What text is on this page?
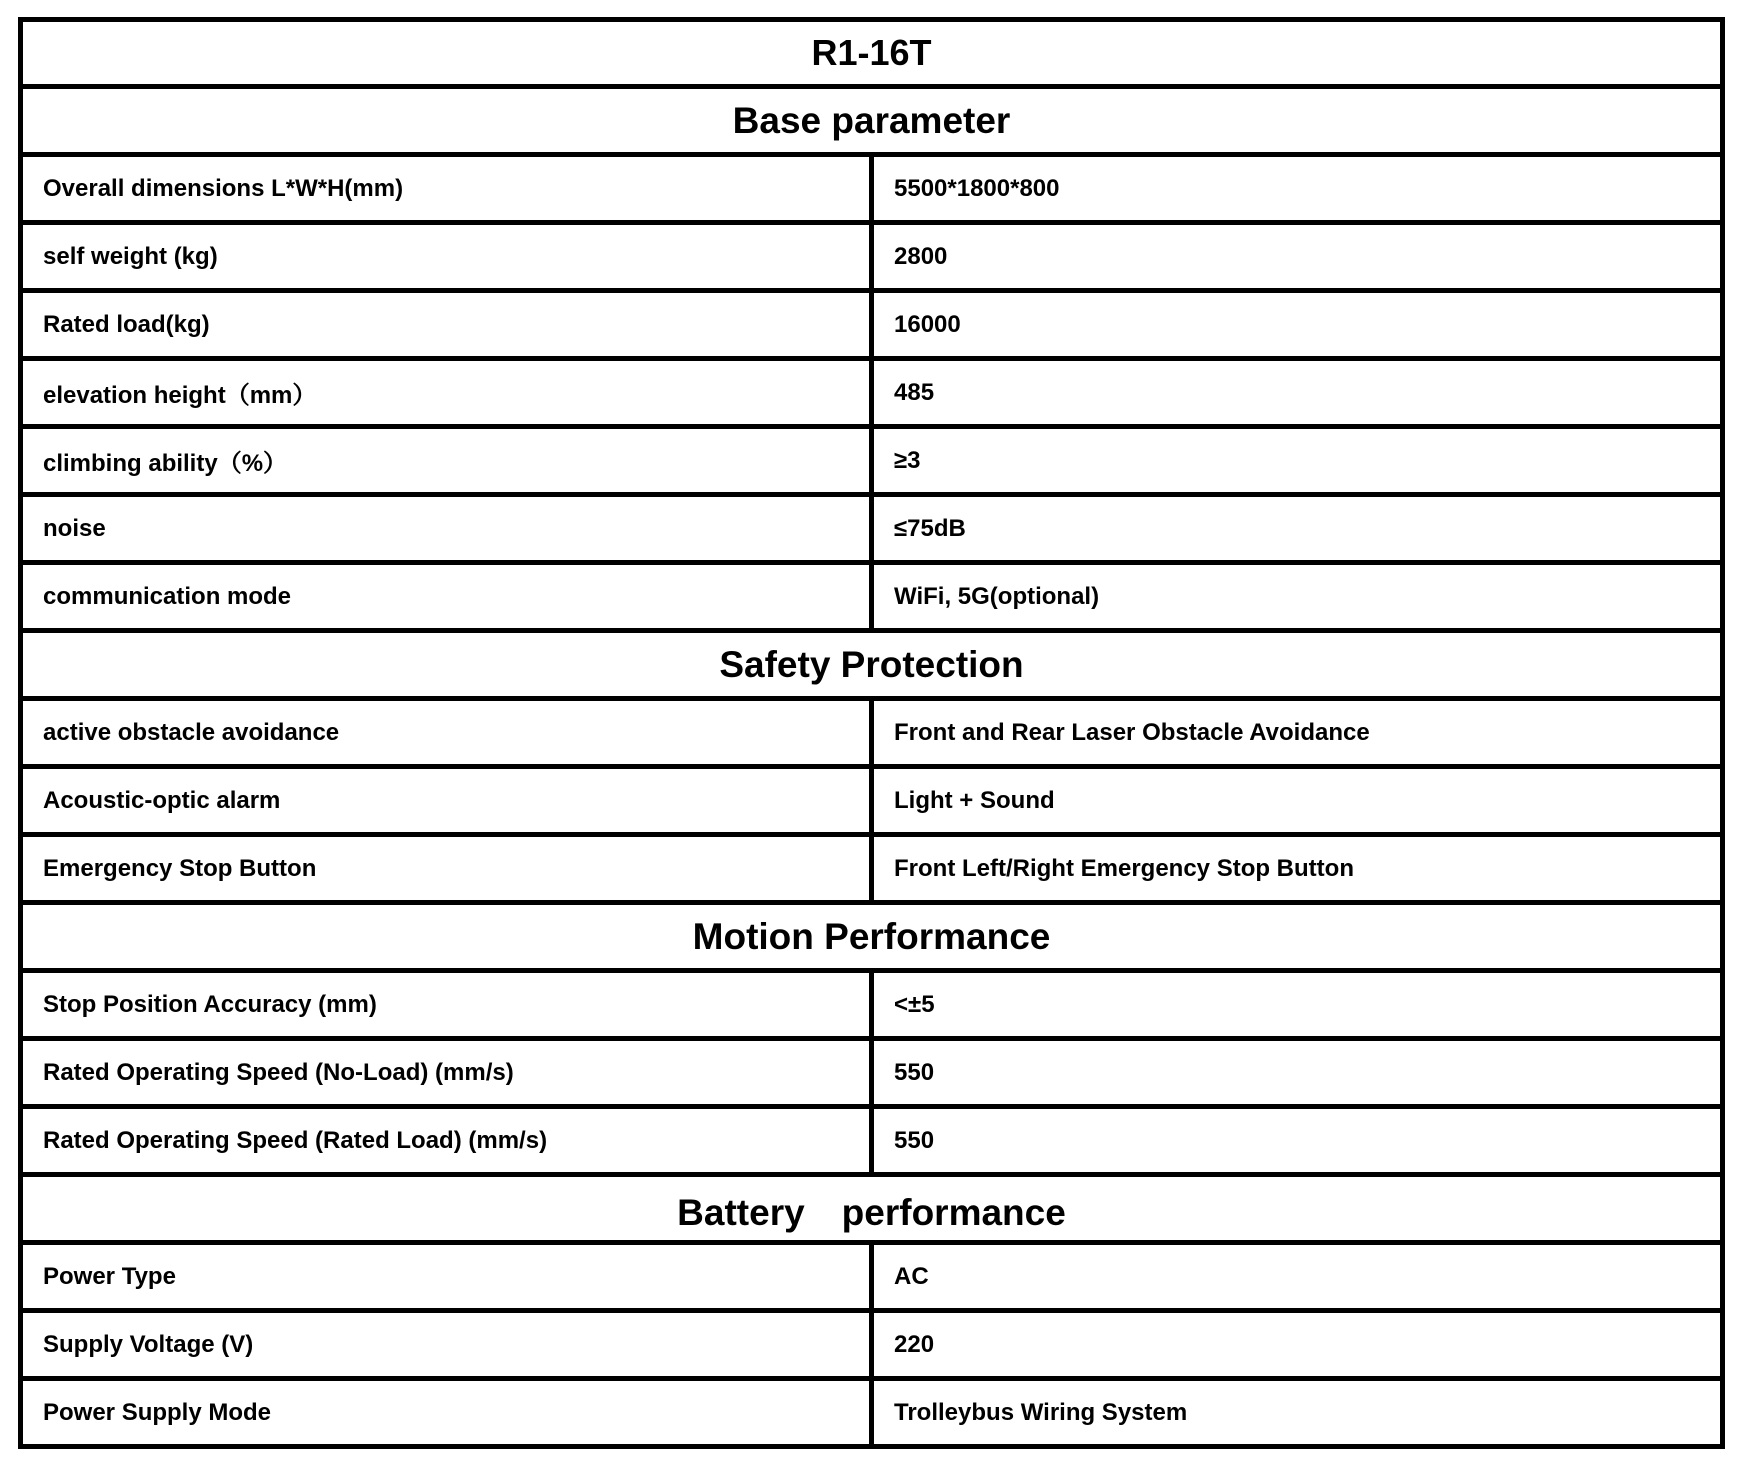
R1-16T	
Base parameter	
Overall dimensions L*W*H(mm)	5500*1800*800
self weight (kg)	2800
Rated load(kg)	16000
elevation height（mm）	485
climbing ability（%）	≥3
noise	≤75dB
communication mode	WiFi, 5G(optional)
Safety Protection	
active obstacle avoidance	Front and Rear Laser Obstacle Avoidance
Acoustic-optic alarm	Light + Sound
Emergency Stop Button	Front Left/Right Emergency Stop Button
Motion Performance	
Stop Position Accuracy (mm)	<±5
Rated Operating Speed (No-Load) (mm/s)	550
Rated Operating Speed (Rated Load) (mm/s)	550
Battery　performance	
Power Type	AC
Supply Voltage (V)	220
Power Supply Mode	Trolleybus Wiring System
